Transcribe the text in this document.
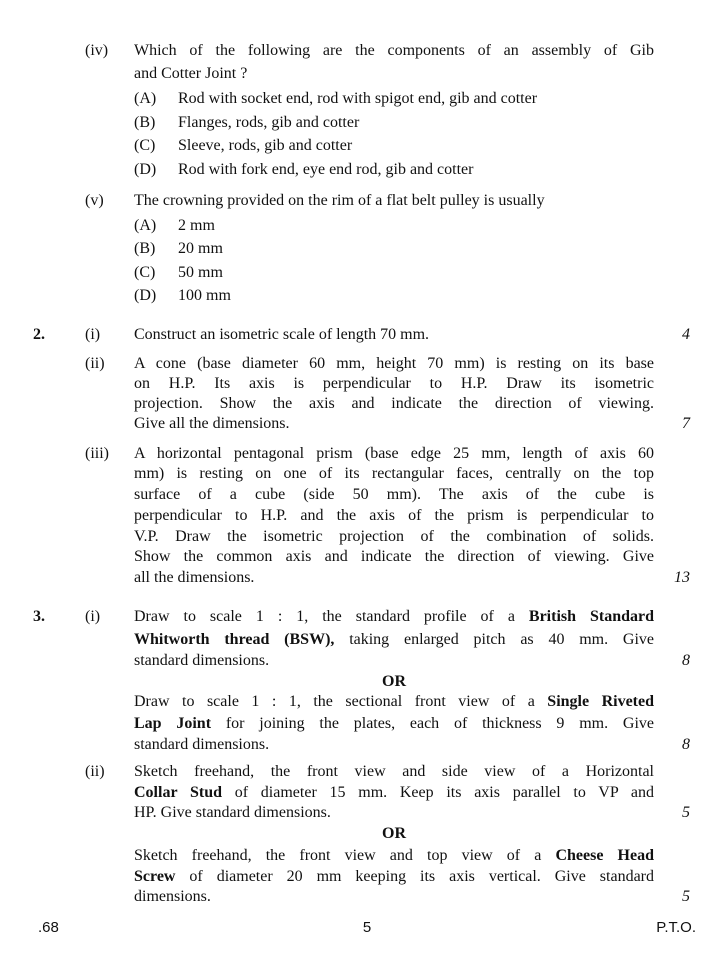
(iv) Which of the following are the components of an assembly of Gib
and Cotter Joint ?
(A) Rod with socket end, rod with spigot end, gib and cotter
(B) Flanges, rods, gib and cotter
(C) Sleeve, rods, gib and cotter
(D) Rod with fork end, eye end rod, gib and cotter
(v) The crowning provided on the rim of a flat belt pulley is usually
(A) 2 mm
(B) 20 mm
(C) 50 mm
(D) 100 mm
2.	(i) Construct an isometric scale of length 70 mm.	4
(ii) A cone (base diameter 60 mm, height 70 mm) is resting on its base
on H.P. Its axis is perpendicular to H.P. Draw its isometric
projection. Show the axis and indicate the direction of viewing.
Give all the dimensions.	7
(iii) A horizontal pentagonal prism (base edge 25 mm, length of axis 60
mm) is resting on one of its rectangular faces, centrally on the top
surface of a cube (side 50 mm). The axis of the cube is
perpendicular to H.P. and the axis of the prism is perpendicular to
V.P. Draw the isometric projection of the combination of solids.
Show the common axis and indicate the direction of viewing. Give
all the dimensions.	13
3.	(i) Draw to scale 1 : 1, the standard profile of a British Standard
Whitworth thread (BSW), taking enlarged pitch as 40 mm. Give
standard dimensions.	8
OR
Draw to scale 1 : 1, the sectional front view of a Single Riveted
Lap Joint for joining the plates, each of thickness 9 mm. Give
standard dimensions.	8
(ii) Sketch freehand, the front view and side view of a Horizontal
Collar Stud of diameter 15 mm. Keep its axis parallel to VP and
HP. Give standard dimensions.	5
OR
Sketch freehand, the front view and top view of a Cheese Head
Screw of diameter 20 mm keeping its axis vertical. Give standard
dimensions.	5
.68	5	P.T.O.
